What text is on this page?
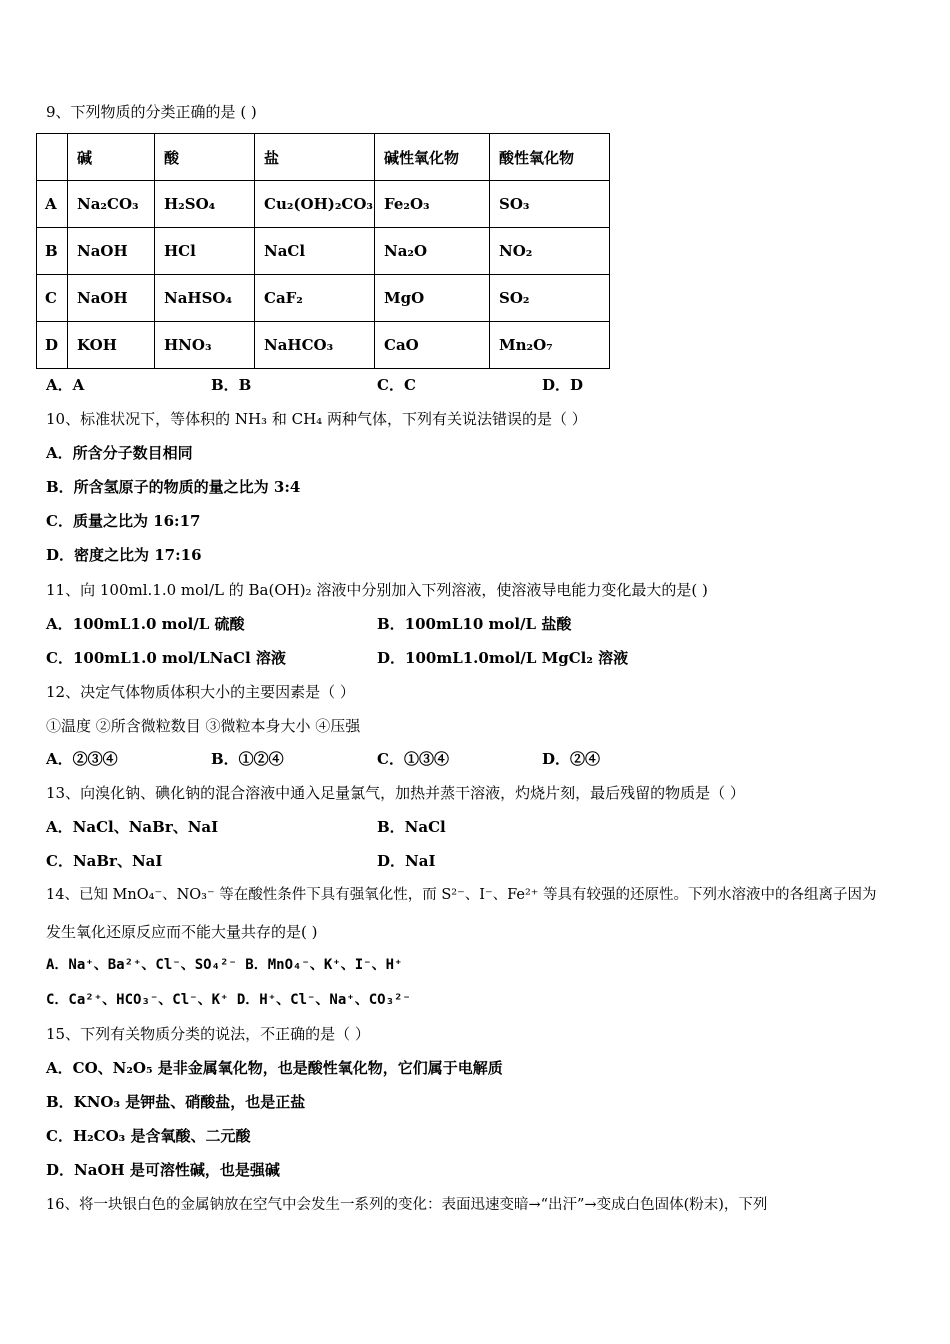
9、下列物质的分类正确的是 ( )
	碱	酸	盐	碱性氧化物	酸性氧化物
A	Na₂CO₃	H₂SO₄	Cu₂(OH)₂CO₃	Fe₂O₃	SO₃
B	NaOH	HCl	NaCl	Na₂O	NO₂
C	NaOH	NaHSO₄	CaF₂	MgO	SO₂
D	KOH	HNO₃	NaHCO₃	CaO	Mn₂O₇
A．A	B．B	C．C	D．D
10、标准状况下，等体积的 NH₃ 和 CH₄ 两种气体，下列有关说法错误的是（ ）
A．所含分子数目相同
B．所含氢原子的物质的量之比为 3:4
C．质量之比为 16:17
D．密度之比为 17:16
11、向 100ml.1.0 mol/L 的 Ba(OH)₂ 溶液中分别加入下列溶液，使溶液导电能力变化最大的是( )
A．100mL1.0 mol/L 硫酸	B．100mL10 mol/L 盐酸
C．100mL1.0 mol/LNaCl 溶液	D．100mL1.0mol/L MgCl₂ 溶液
12、决定气体物质体积大小的主要因素是（ ）
①温度 ②所含微粒数目 ③微粒本身大小 ④压强
A．②③④	B．①②④	C．①③④	D．②④
13、向溴化钠、碘化钠的混合溶液中通入足量氯气，加热并蒸干溶液，灼烧片刻，最后残留的物质是（ ）
A．NaCl、NaBr、NaI	B．NaCl
C．NaBr、NaI	D．NaI
14、已知 MnO₄⁻、NO₃⁻ 等在酸性条件下具有强氧化性，而 S²⁻、I⁻、Fe²⁺ 等具有较强的还原性。下列水溶液中的各组离子因为
发生氧化还原反应而不能大量共存的是( )
A．Na⁺、Ba²⁺、Cl⁻、SO₄²⁻ B．MnO₄⁻、K⁺、I⁻、H⁺
C．Ca²⁺、HCO₃⁻、Cl⁻、K⁺ D．H⁺、Cl⁻、Na⁺、CO₃²⁻
15、下列有关物质分类的说法，不正确的是（ ）
A．CO、N₂O₅ 是非金属氧化物，也是酸性氧化物，它们属于电解质
B．KNO₃ 是钾盐、硝酸盐，也是正盐
C．H₂CO₃ 是含氧酸、二元酸
D．NaOH 是可溶性碱，也是强碱
16、将一块银白色的金属钠放在空气中会发生一系列的变化：表面迅速变暗→“出汗”→变成白色固体(粉末)，下列
